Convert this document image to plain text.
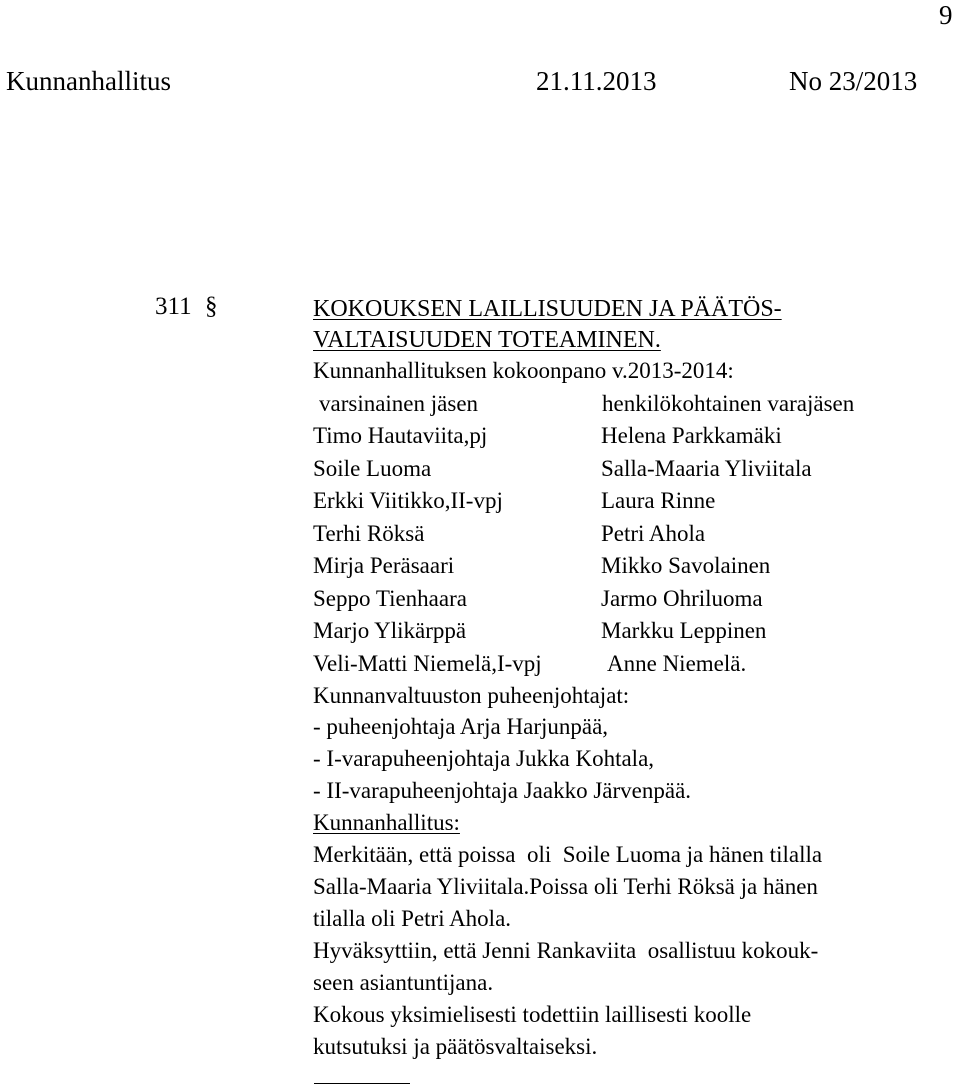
9
Kunnanhallitus	21.11.2013	No 23/2013
311 §	KOKOUKSEN LAILLISUUDEN JA PÄÄTÖS-
VALTAISUUDEN TOTEAMINEN.
Kunnanhallituksen kokoonpano v.2013-2014:
varsinainen jäsen	henkilökohtainen varajäsen
Timo Hautaviita,pj	Helena Parkkamäki
Soile Luoma	Salla-Maaria Yliviitala
Erkki Viitikko,II-vpj	Laura Rinne
Terhi Röksä	Petri Ahola
Mirja Peräsaari	Mikko Savolainen
Seppo Tienhaara	Jarmo Ohriluoma
Marjo Ylikärppä	Markku Leppinen
Veli-Matti Niemelä,I-vpj	Anne Niemelä.
Kunnanvaltuuston puheenjohtajat:
- puheenjohtaja Arja Harjunpää,
- I-varapuheenjohtaja Jukka Kohtala,
- II-varapuheenjohtaja Jaakko Järvenpää.
Kunnanhallitus:
Merkitään, että poissa  oli  Soile Luoma ja hänen tilalla
Salla-Maaria Yliviitala.Poissa oli Terhi Röksä ja hänen
tilalla oli Petri Ahola.
Hyväksyttiin, että Jenni Rankaviita  osallistuu kokouk-
seen asiantuntijana.
Kokous yksimielisesti todettiin laillisesti koolle
kutsutuksi ja päätösvaltaiseksi.
